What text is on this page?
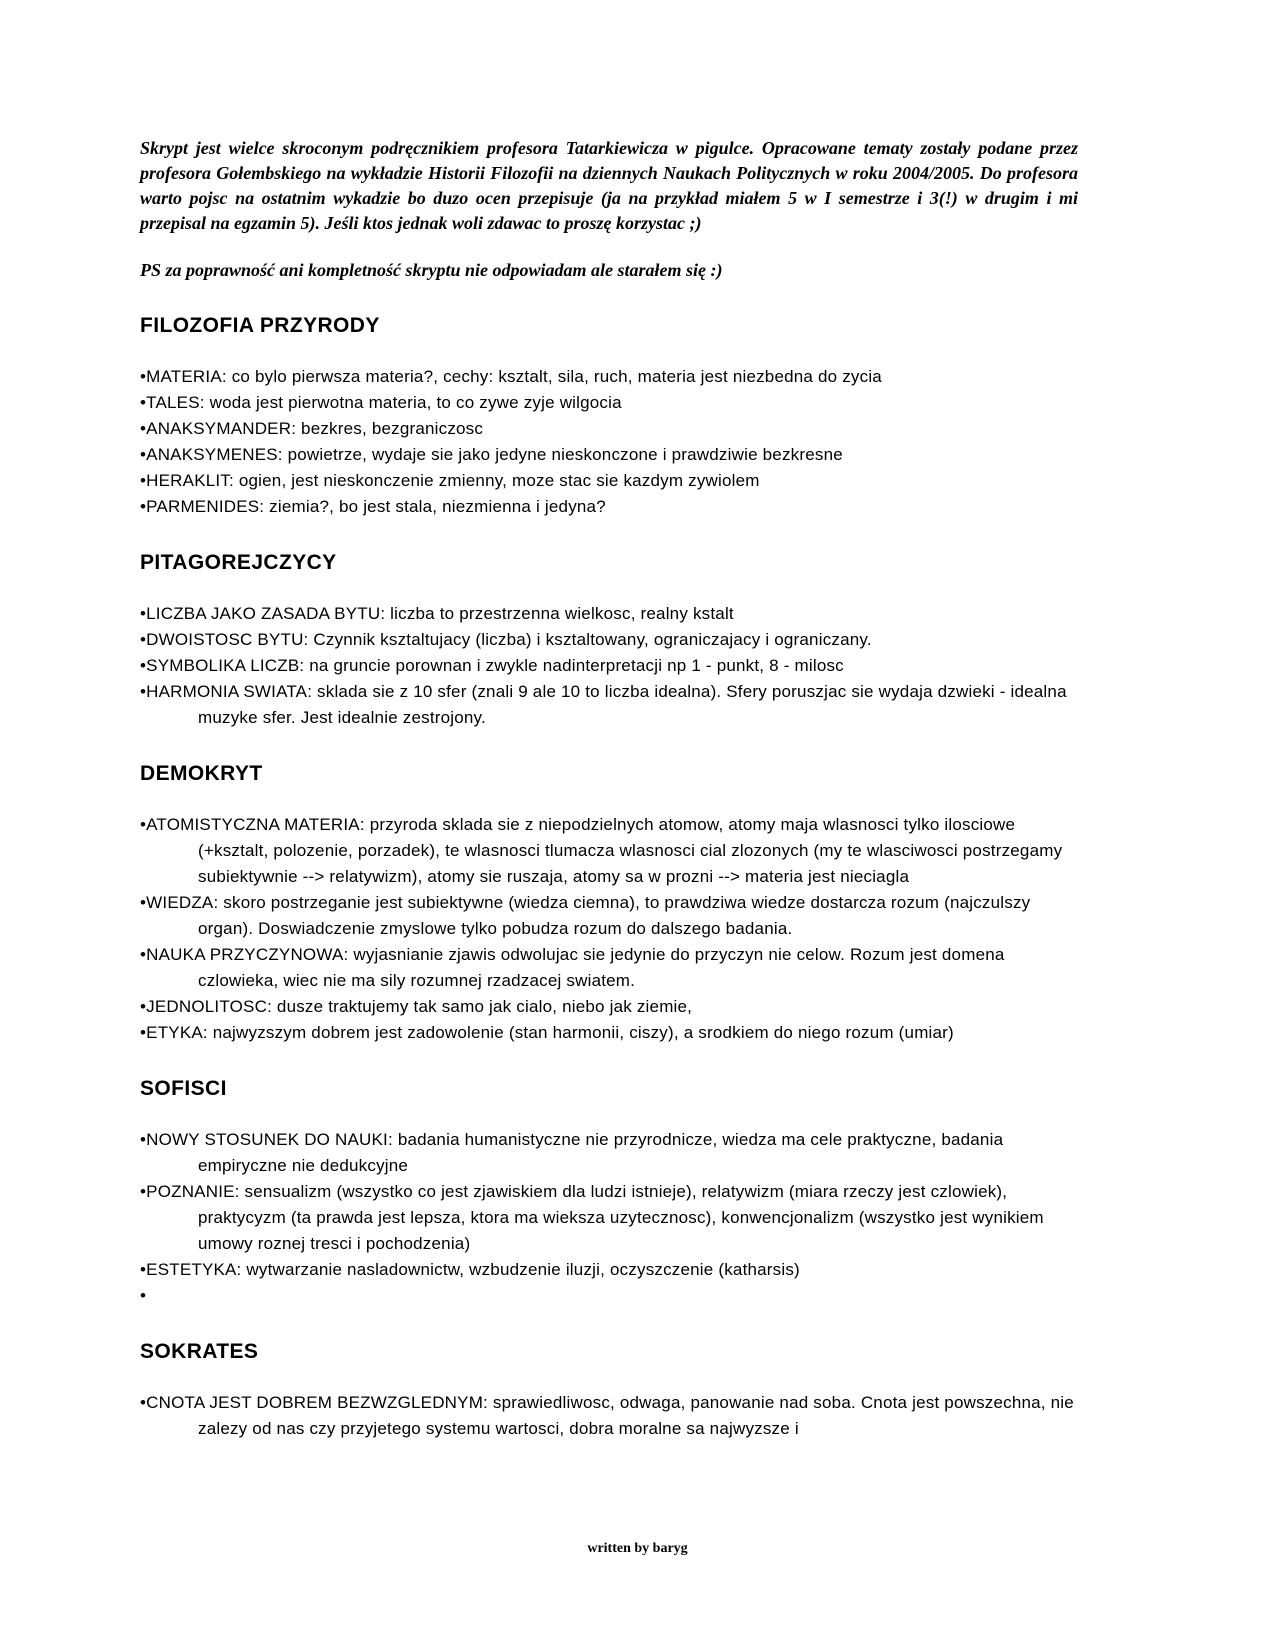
Skrypt jest wielce skroconym podręcznikiem profesora Tatarkiewicza w pigulce. Opracowane tematy zostały podane przez profesora Gołembskiego na wykładzie Historii Filozofii na dziennych Naukach Politycznych w roku 2004/2005. Do profesora warto pojsc na ostatnim wykadzie bo duzo ocen przepisuje (ja na przykład miałem 5 w I semestrze i 3(!) w drugim i mi przepisal na egzamin 5). Jeśli ktos jednak woli zdawac to proszę korzystac ;)

PS za poprawność ani kompletność skryptu nie odpowiadam ale starałem się :)

FILOZOFIA PRZYRODY
•MATERIA: co bylo pierwsza materia?, cechy: ksztalt, sila, ruch, materia jest niezbedna do zycia
•TALES: woda jest pierwotna materia, to co zywe zyje wilgocia
•ANAKSYMANDER: bezkres, bezgraniczosc
•ANAKSYMENES: powietrze, wydaje sie jako jedyne nieskonczone i prawdziwie bezkresne
•HERAKLIT: ogien, jest nieskonczenie zmienny, moze stac sie kazdym zywiolem
•PARMENIDES: ziemia?, bo jest stala, niezmienna i jedyna?
PITAGOREJCZYCY
•LICZBA JAKO ZASADA BYTU: liczba to przestrzenna wielkosc, realny kstalt
•DWOISTOSC BYTU: Czynnik ksztaltujacy (liczba) i ksztaltowany, ograniczajacy i ograniczany.
•SYMBOLIKA LICZB: na gruncie porownan i zwykle nadinterpretacji np 1 - punkt, 8 - milosc
•HARMONIA SWIATA: sklada sie z 10 sfer (znali 9 ale 10 to liczba idealna). Sfery poruszjac sie wydaja dzwieki - idealna muzyke sfer. Jest idealnie zestrojony.
DEMOKRYT
•ATOMISTYCZNA MATERIA: przyroda sklada sie z niepodzielnych atomow, atomy maja wlasnosci tylko ilosciowe (+ksztalt, polozenie, porzadek), te wlasnosci tlumacza wlasnosci cial zlozonych (my te wlasciwosci postrzegamy subiektywnie --> relatywizm), atomy sie ruszaja, atomy sa w prozni --> materia jest nieciagla
•WIEDZA: skoro postrzeganie jest subiektywne (wiedza ciemna), to prawdziwa wiedze dostarcza rozum (najczulszy organ). Doswiadczenie zmyslowe tylko pobudza rozum do dalszego badania.
•NAUKA PRZYCZYNOWA: wyjasnianie zjawis odwolujac sie jedynie do przyczyn nie celow. Rozum jest domena czlowieka, wiec nie ma sily rozumnej rzadzacej swiatem.
•JEDNOLITOSC: dusze traktujemy tak samo jak cialo, niebo jak ziemie,
•ETYKA: najwyzszym dobrem jest zadowolenie (stan harmonii, ciszy), a srodkiem do niego rozum (umiar)
SOFISCI
•NOWY STOSUNEK DO NAUKI: badania humanistyczne nie przyrodnicze, wiedza ma cele praktyczne, badania empiryczne nie dedukcyjne
•POZNANIE: sensualizm (wszystko co jest zjawiskiem dla ludzi istnieje), relatywizm (miara rzeczy jest czlowiek), praktycyzm (ta prawda jest lepsza, ktora ma wieksza uzytecznosc), konwencjonalizm (wszystko jest wynikiem umowy roznej tresci i pochodzenia)
•ESTETYKA: wytwarzanie nasladownictw, wzbudzenie iluzji, oczyszczenie (katharsis)
•
SOKRATES
•CNOTA JEST DOBREM BEZWZGLEDNYM: sprawiedliwosc, odwaga, panowanie nad soba. Cnota jest powszechna, nie zalezy od nas czy przyjetego systemu wartosci, dobra moralne sa najwyzsze i
written by baryg
